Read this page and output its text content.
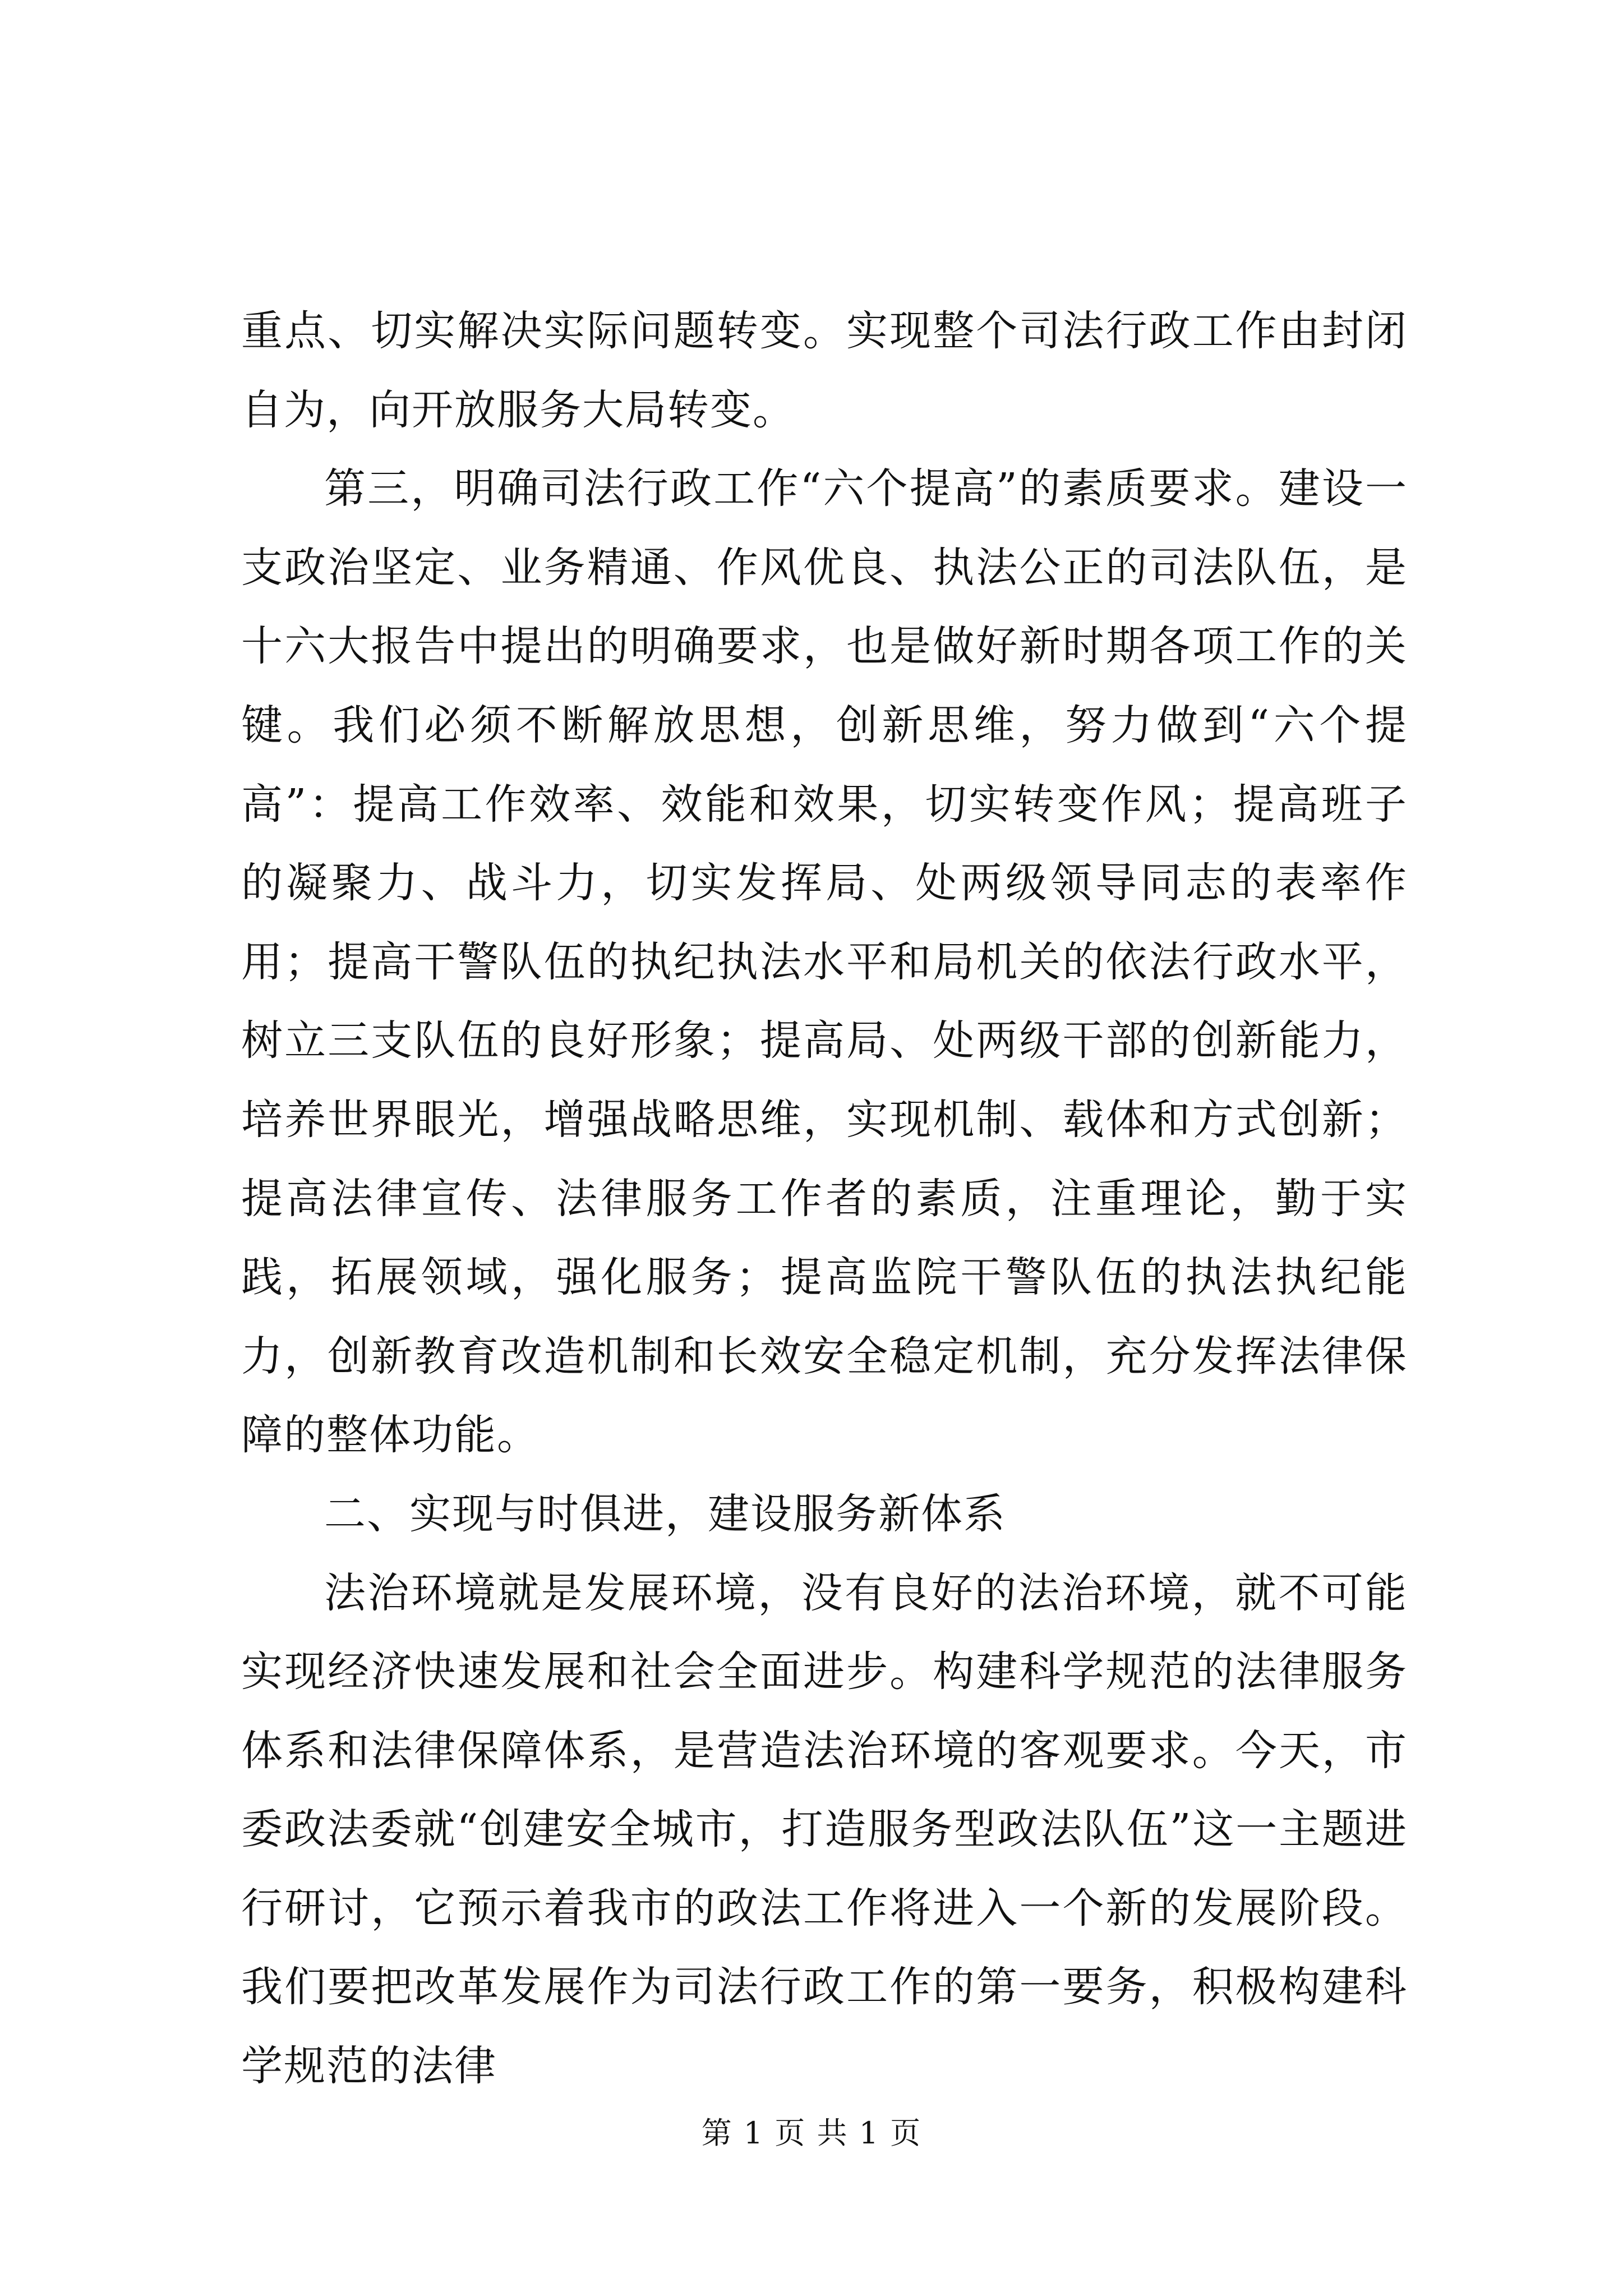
重点、切实解决实际问题转变。实现整个司法行政工作由封闭自为，向开放服务大局转变。

第三，明确司法行政工作“六个提高”的素质要求。建设一支政治坚定、业务精通、作风优良、执法公正的司法队伍，是十六大报告中提出的明确要求，也是做好新时期各项工作的关键。我们必须不断解放思想，创新思维，努力做到“六个提高”：提高工作效率、效能和效果，切实转变作风；提高班子的凝聚力、战斗力，切实发挥局、处两级领导同志的表率作用；提高干警队伍的执纪执法水平和局机关的依法行政水平，树立三支队伍的良好形象；提高局、处两级干部的创新能力，培养世界眼光，增强战略思维，实现机制、载体和方式创新；提高法律宣传、法律服务工作者的素质，注重理论，勤于实践，拓展领域，强化服务；提高监院干警队伍的执法执纪能力，创新教育改造机制和长效安全稳定机制，充分发挥法律保障的整体功能。

二、实现与时俱进，建设服务新体系

法治环境就是发展环境，没有良好的法治环境，就不可能实现经济快速发展和社会全面进步。构建科学规范的法律服务体系和法律保障体系，是营造法治环境的客观要求。今天，市委政法委就“创建安全城市，打造服务型政法队伍”这一主题进行研讨，它预示着我市的政法工作将进入一个新的发展阶段。我们要把改革发展作为司法行政工作的第一要务，积极构建科学规范的法律

第 1 页 共 1 页
